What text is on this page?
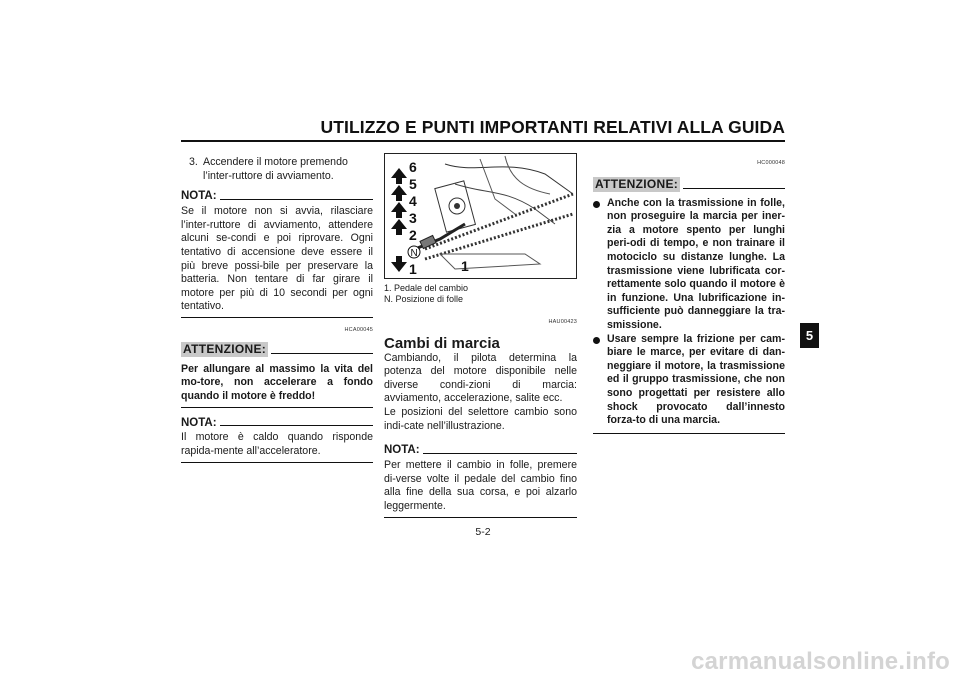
UTILIZZO E PUNTI IMPORTANTI RELATIVI ALLA GUIDA
5
3. Accendere il motore premendo l’inter-ruttore di avviamento.
NOTA:
Se il motore non si avvia, rilasciare l’inter-ruttore di avviamento, attendere alcuni se-condi e poi riprovare. Ogni tentativo di accensione deve essere il più breve possi-bile per preservare la batteria. Non tentare di far girare il motore per più di 10 secondi per ogni tentativo.
HCA00045
ATTENZIONE:
Per allungare al massimo la vita del mo-tore, non accelerare a fondo quando il motore è freddo!
NOTA:
Il motore è caldo quando risponde rapida-mente all’acceleratore.
6
5
4
3
2
1	1
N
1. Pedale del cambio
N. Posizione di folle
HAU00423
Cambi di marcia
Cambiando, il pilota determina la potenza del motore disponibile nelle diverse condi-zioni di marcia: avviamento, accelerazione, salite ecc.
Le posizioni del selettore cambio sono indi-cate nell’illustrazione.
NOTA:
Per mettere il cambio in folle, premere di-verse volte il pedale del cambio fino alla fine della sua corsa, e poi alzarlo leggermente.
HC000048
ATTENZIONE:
Anche con la trasmissione in folle, non proseguire la marcia per iner-zia a motore spento per lunghi peri-odi di tempo, e non trainare il motociclo su distanze lunghe. La trasmissione viene lubrificata cor-rettamente solo quando il motore è in funzione. Una lubrificazione in-sufficiente può danneggiare la tra-smissione.
Usare sempre la frizione per cam-biare le marce, per evitare di dan-neggiare il motore, la trasmissione ed il gruppo trasmissione, che non sono progettati per resistere allo shock provocato dall’innesto forza-to di una marcia.
5-2
carmanualsonline.info
